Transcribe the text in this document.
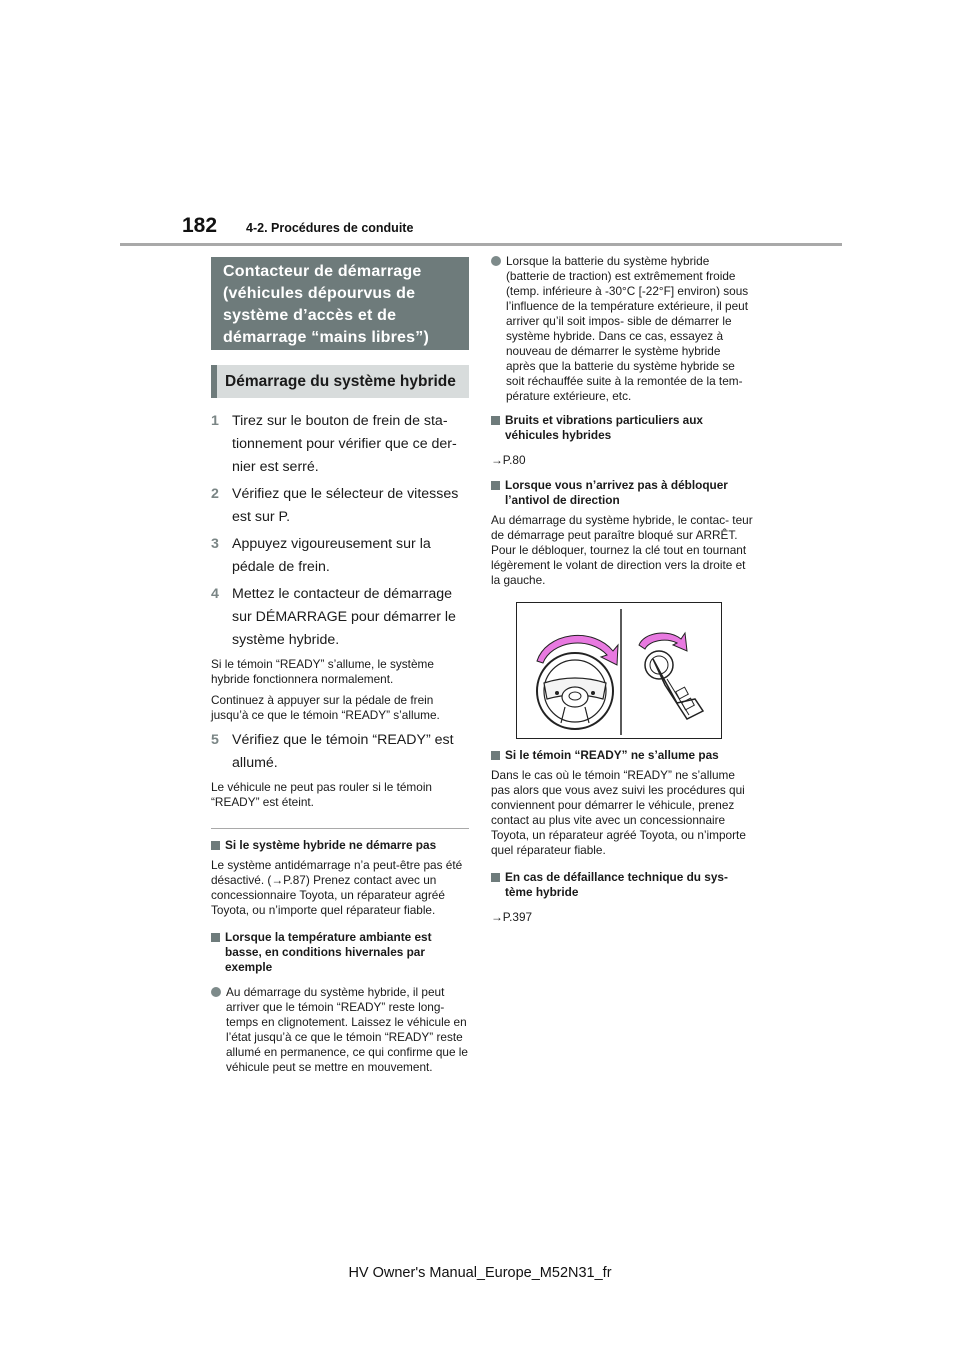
182 4-2. Procédures de conduite
Contacteur de démarrage (véhicules dépourvus de système d’accès et de démarrage “mains libres”)
Démarrage du système hybride
1 Tirez sur le bouton de frein de sta- tionnement pour vérifier que ce der- nier est serré.
2 Vérifiez que le sélecteur de vitesses est sur P.
3 Appuyez vigoureusement sur la pédale de frein.
4 Mettez le contacteur de démarrage sur DÉMARRAGE pour démarrer le système hybride.
Si le témoin “READY” s’allume, le système hybride fonctionnera normalement.
Continuez à appuyer sur la pédale de frein jusqu’à ce que le témoin “READY” s’allume.
5 Vérifiez que le témoin “READY” est allumé.
Le véhicule ne peut pas rouler si le témoin “READY” est éteint.
Si le système hybride ne démarre pas
Le système antidémarrage n’a peut-être pas été désactivé. (→P.87) Prenez contact avec un concessionnaire Toyota, un réparateur agréé Toyota, ou n’importe quel réparateur fiable.
Lorsque la température ambiante est basse, en conditions hivernales par exemple
Au démarrage du système hybride, il peut arriver que le témoin “READY” reste long- temps en clignotement. Laissez le véhicule en l’état jusqu’à ce que le témoin “READY” reste allumé en permanence, ce qui confirme que le véhicule peut se mettre en mouvement.
Lorsque la batterie du système hybride (batterie de traction) est extrêmement froide (temp. inférieure à -30°C [-22°F] environ) sous l’influence de la température extérieure, il peut arriver qu’il soit impos- sible de démarrer le système hybride. Dans ce cas, essayez à nouveau de démarrer le système hybride après que la batterie du système hybride se soit réchauffée suite à la remontée de la tem- pérature extérieure, etc.
Bruits et vibrations particuliers aux véhicules hybrides
→P.80
Lorsque vous n’arrivez pas à débloquer l’antivol de direction
Au démarrage du système hybride, le contac- teur de démarrage peut paraître bloqué sur ARRÊT. Pour le débloquer, tournez la clé tout en tournant légèrement le volant de direction vers la droite et la gauche.
Si le témoin “READY” ne s’allume pas
Dans le cas où le témoin “READY” ne s’allume pas alors que vous avez suivi les procédures qui conviennent pour démarrer le véhicule, prenez contact au plus vite avec un concessionnaire Toyota, un réparateur agréé Toyota, ou n’importe quel réparateur fiable.
En cas de défaillance technique du sys- tème hybride
→P.397
HV Owner's Manual_Europe_M52N31_fr
